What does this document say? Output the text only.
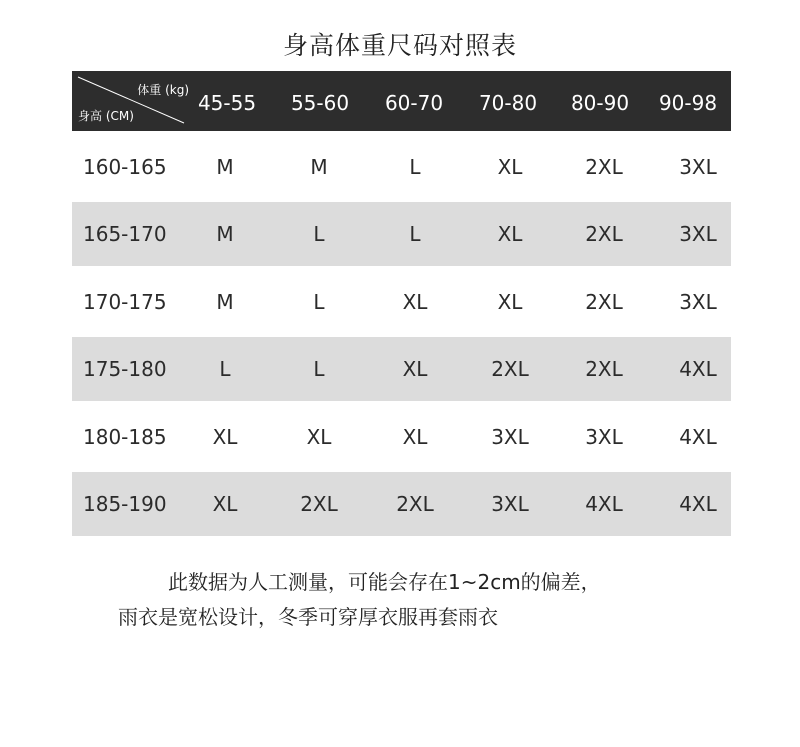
身高体重尺码对照表
体重 (kg)
身高 (CM)
45-55	55-60	60-70	70-80	80-90	90-98
160-165	M	M	L	XL	2XL	3XL
165-170	M	L	L	XL	2XL	3XL
170-175	M	L	XL	XL	2XL	3XL
175-180	L	L	XL	2XL	2XL	4XL
180-185	XL	XL	XL	3XL	3XL	4XL
185-190	XL	2XL	2XL	3XL	4XL	4XL
此数据为人工测量，可能会存在1~2cm的偏差，
雨衣是宽松设计，冬季可穿厚衣服再套雨衣
